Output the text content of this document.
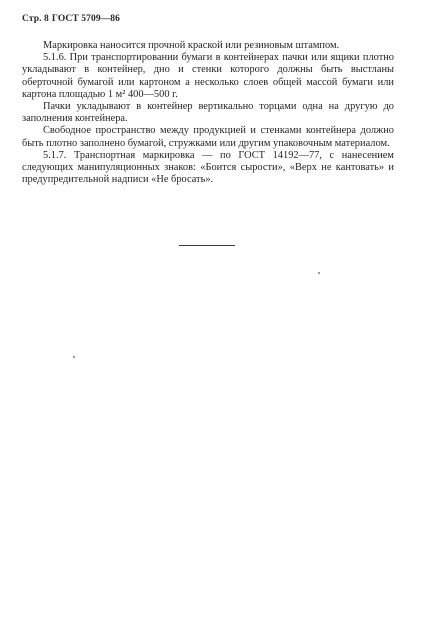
Стр. 8 ГОСТ 5709—86

Маркировка наносится прочной краской или резиновым штампом.

5.1.6. При транспортировании бумаги в контейнерах пачки или ящики плотно укладывают в контейнер, дно и стенки которого должны быть выстланы оберточной бумагой или картоном а несколько слоев общей массой бумаги или картона площадью 1 м² 400—500 г.

Пачки укладывают в контейнер вертикально торцами одна на другую до заполнения контейнера.

Свободное пространство между продукцией и стенками контейнера должно быть плотно заполнено бумагой, стружками или другим упаковочным материалом.

5.1.7. Транспортная маркировка — по ГОСТ 14192—77, с нанесением следующих манипуляционных знаков: «Боится сырости», «Верх не кантовать» и предупредительной надписи «Не бросать».
